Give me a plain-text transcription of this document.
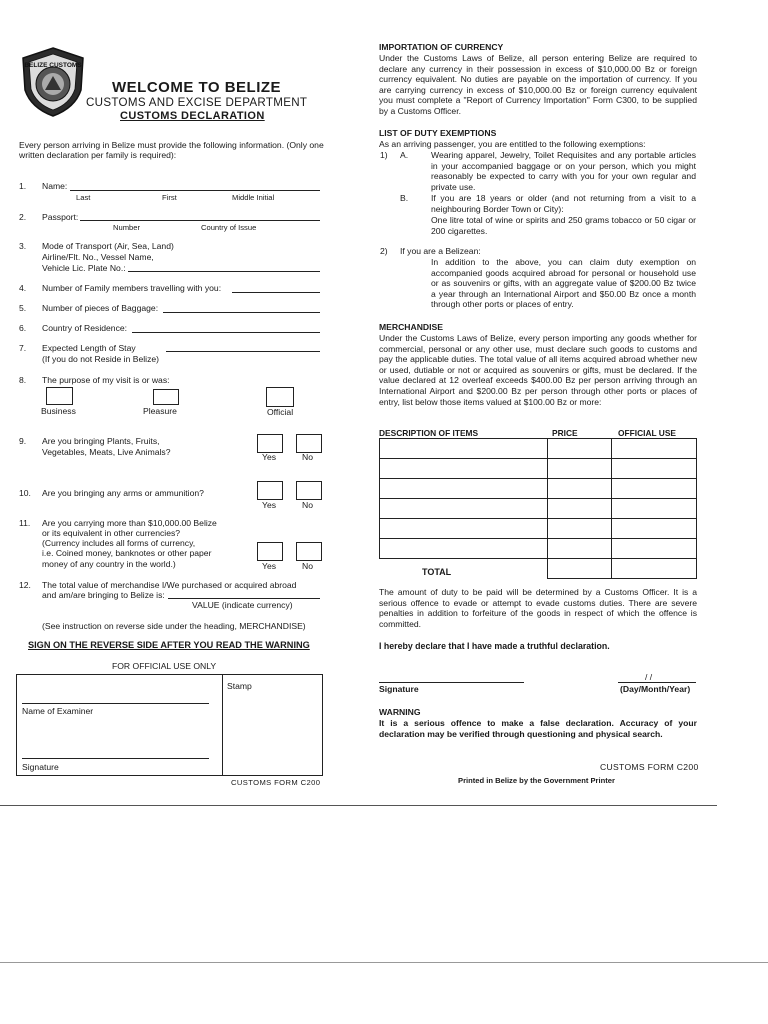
BELIZE CUSTOMS
WELCOME TO BELIZE
CUSTOMS AND EXCISE DEPARTMENT
CUSTOMS DECLARATION
Every person arriving in Belize must provide the following information. (Only one written declaration per family is required):
1. Name:
Last	First	Middle Initial
2. Passport:
Number	Country of Issue
3. Mode of Transport (Air, Sea, Land)
Airline/Flt. No., Vessel Name,
Vehicle Lic. Plate No.:
4. Number of Family members travelling with you:
5. Number of pieces of Baggage:
6. Country of Residence:
7. Expected Length of Stay
(If you do not Reside in Belize)
8. The purpose of my visit is or was:
Business	Pleasure	Official
9. Are you bringing Plants, Fruits,
Vegetables, Meats, Live Animals?	Yes	No
10. Are you bringing any arms or ammunition?
Yes	No
11. Are you carrying more than $10,000.00 Belize
or its equivalent in other currencies?
(Currency includes all forms of currency,
i.e. Coined money, banknotes or other paper
money of any country in the world.)	Yes	No
12. The total value of merchandise I/We purchased or acquired abroad
and am/are bringing to Belize is:
VALUE (indicate currency)
(See instruction on reverse side under the heading, MERCHANDISE)
SIGN ON THE REVERSE SIDE AFTER YOU READ THE WARNING
FOR OFFICIAL USE ONLY
Stamp
Name of Examiner
Signature
CUSTOMS FORM C200
IMPORTATION OF CURRENCY
Under the Customs Laws of Belize, all person entering Belize are required to declare any currency in their possession in excess of $10,000.00 Bz or foreign currency equivalent. No duties are payable on the importation of currency. If you are carrying currency in excess of $10,000.00 Bz or foreign currency equivalent you must complete a "Report of Currency Importation" Form C300, to be supplied by a Customs Officer.
LIST OF DUTY EXEMPTIONS
As an arriving passenger, you are entitled to the following exemptions:
1) A.	Wearing apparel, Jewelry, Toilet Requisites and any portable articles in your accompanied baggage or on your person, which you might reasonably be expected to carry with you for your own regular and private use.
B.	If you are 18 years or older (and not returning from a visit to a neighbouring Border Town or City):
One litre total of wine or spirits and 250 grams tobacco or 50 cigar or 200 cigarettes.
2) If you are a Belizean:
In addition to the above, you can claim duty exemption on accompanied goods acquired abroad for personal or household use or as souvenirs or gifts, with an aggregate value of $200.00 Bz twice a year through an International Airport and $50.00 Bz once a month through other ports or places of entry.
MERCHANDISE
Under the Customs Laws of Belize, every person importing any goods whether for commercial, personal or any other use, must declare such goods to customs and pay the applicable duties. The total value of all items acquired abroad whether new or used, dutiable or not or acquired as souvenirs or gifts, must be declared. If the value declared at 12 overleaf exceeds $400.00 Bz per person arriving through an International Airport and $200.00 Bz per person through other ports or places of entry, list below those items valued at $100.00 Bz or more:
DESCRIPTION OF ITEMS	PRICE	OFFICIAL USE

TOTAL
The amount of duty to be paid will be determined by a Customs Officer. It is a serious offence to evade or attempt to evade customs duties. There are severe penalties in addition to forfeiture of the goods in respect of which the offence is committed.
I hereby declare that I have made a truthful declaration.
Signature
/ /
(Day/Month/Year)
WARNING
It is a serious offence to make a false declaration. Accuracy of your declaration may be verified through questioning and physical search.
CUSTOMS FORM C200
Printed in Belize by the Government Printer
